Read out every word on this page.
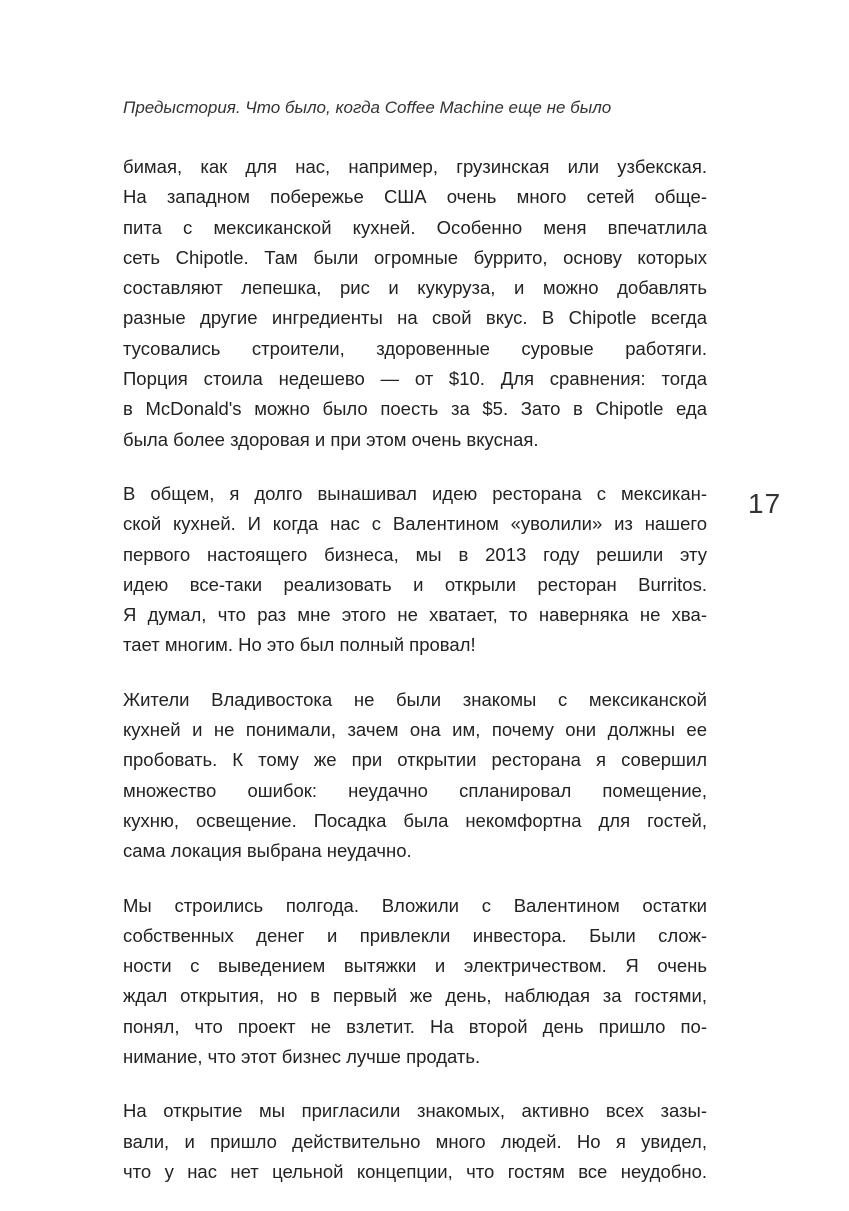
Предыстория. Что было, когда Coffee Machine еще не было
17
бимая, как для нас, например, грузинская или узбекская.
На западном побережье США очень много сетей обще-
пита с мексиканской кухней. Особенно меня впечатлила
сеть Chipotle. Там были огромные буррито, основу которых
составляют лепешка, рис и кукуруза, и можно добавлять
разные другие ингредиенты на свой вкус. В Chipotle всегда
тусовались строители, здоровенные суровые работяги.
Порция стоила недешево — от $10. Для сравнения: тогда
в McDonald's можно было поесть за $5. Зато в Chipotle еда
была более здоровая и при этом очень вкусная.
В общем, я долго вынашивал идею ресторана с мексикан-
ской кухней. И когда нас с Валентином «уволили» из нашего
первого настоящего бизнеса, мы в 2013 году решили эту
идею все-таки реализовать и открыли ресторан Burritos.
Я думал, что раз мне этого не хватает, то наверняка не хва-
тает многим. Но это был полный провал!
Жители Владивостока не были знакомы с мексиканской
кухней и не понимали, зачем она им, почему они должны ее
пробовать. К тому же при открытии ресторана я совершил
множество ошибок: неудачно спланировал помещение,
кухню, освещение. Посадка была некомфортна для гостей,
сама локация выбрана неудачно.
Мы строились полгода. Вложили с Валентином остатки
собственных денег и привлекли инвестора. Были слож-
ности с выведением вытяжки и электричеством. Я очень
ждал открытия, но в первый же день, наблюдая за гостями,
понял, что проект не взлетит. На второй день пришло по-
нимание, что этот бизнес лучше продать.
На открытие мы пригласили знакомых, активно всех зазы-
вали, и пришло действительно много людей. Но я увидел,
что у нас нет цельной концепции, что гостям все неудобно.
